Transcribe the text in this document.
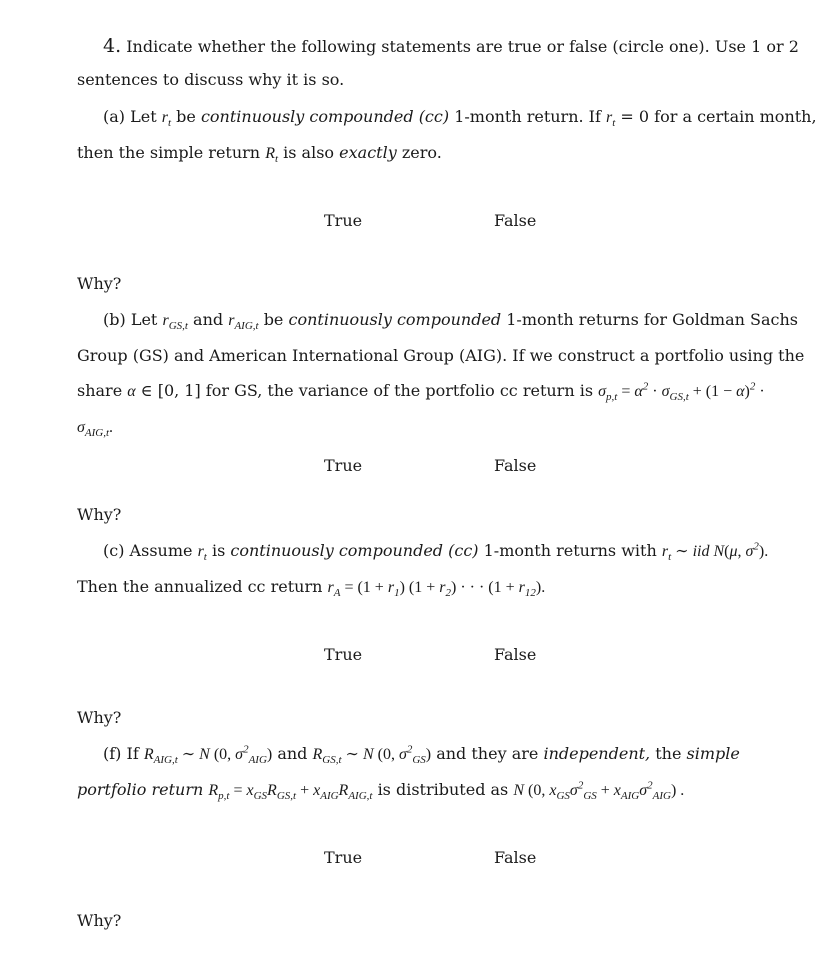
4. Indicate whether the following statements are true or false (circle one). Use 1 or 2
sentences to discuss why it is so.
(a) Let $r_t$ be continuously compounded (cc) 1-month return. If $r_t = 0$ for a certain month,
then the simple return $R_t$ is also exactly zero.
True	False
Why?
(b) Let $r_{GS,t}$ and $r_{AIG,t}$ be continuously compounded 1-month returns for Goldman Sachs
Group (GS) and American International Group (AIG). If we construct a portfolio using the
share α ∈ [0, 1] for GS, the variance of the portfolio cc return is $\sigma_{p,t} = \alpha^2 \cdot \sigma_{GS,t} + (1 - \alpha)^2$ ·
$\sigma_{AIG,t}$.
True	False
Why?
(c) Assume $r_t$ is continuously compounded (cc) 1-month returns with $r_t$ ∼ iid N(μ, $\sigma^2$).
Then the annualized cc return $r_A = (1 + r_1) (1 + r_2)$ · · · $(1 + r_{12})$.
True	False
Why?
(f) If $R_{AIG,t}$ ∼ N (0, $\sigma^2_{AIG}$) and $R_{GS,t}$ ∼ N (0, $\sigma^2_{GS}$) and they are independent, the simple
portfolio return $R_{p,t} = x_{GS}R_{GS,t} + x_{AIG}R_{AIG,t}$ is distributed as N (0, $x_{GS}\sigma^2_{GS} + x_{AIG}\sigma^2_{AIG}$) .
True	False
Why?
